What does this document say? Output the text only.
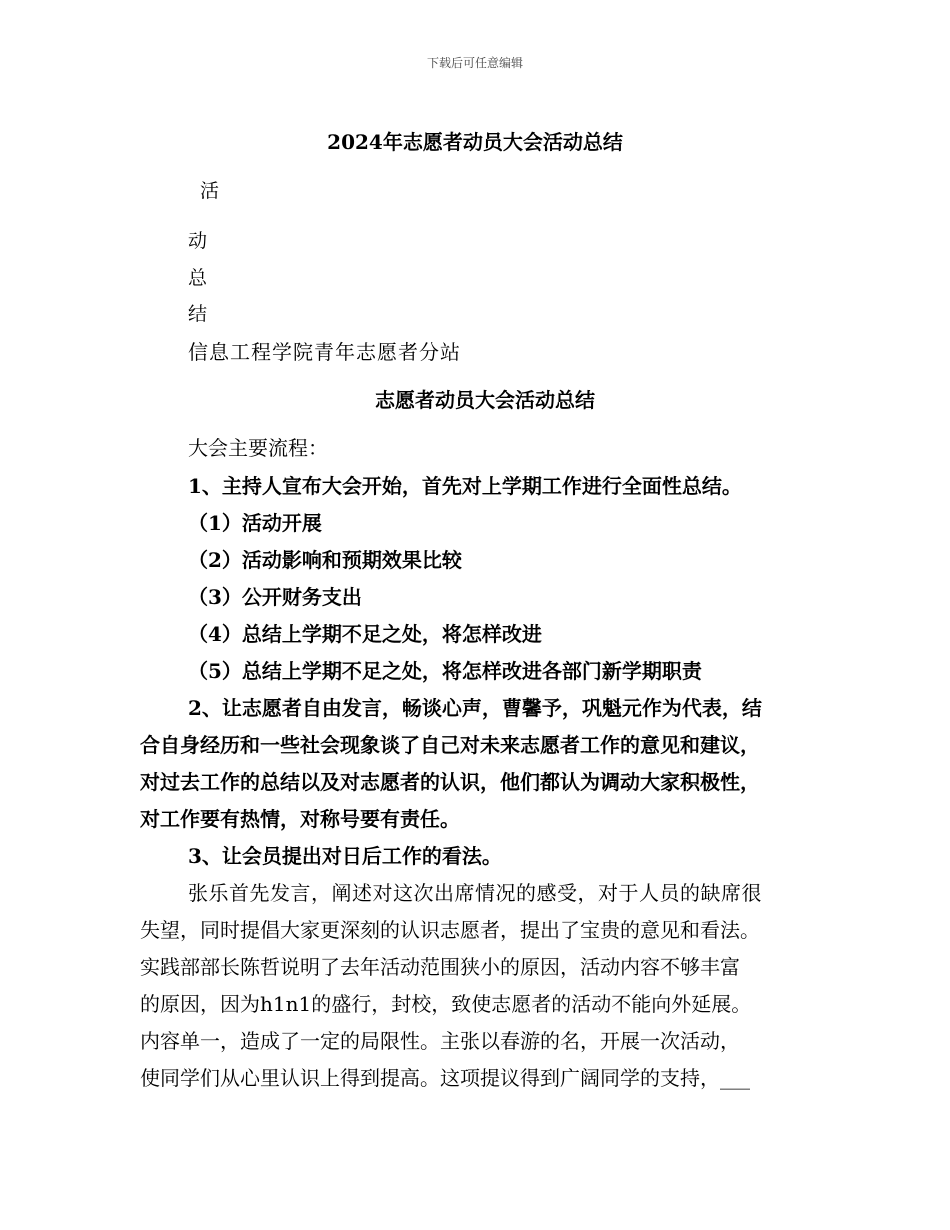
下载后可任意编辑
2024年志愿者动员大会活动总结
活
动
总
结
信息工程学院青年志愿者分站
志愿者动员大会活动总结
大会主要流程：
1、主持人宣布大会开始，首先对上学期工作进行全面性总结。
（1）活动开展
（2）活动影响和预期效果比较
（3）公开财务支出
（4）总结上学期不足之处，将怎样改进
（5）总结上学期不足之处，将怎样改进各部门新学期职责
2、让志愿者自由发言，畅谈心声，曹馨予，巩魁元作为代表，结
合自身经历和一些社会现象谈了自己对未来志愿者工作的意见和建议，
对过去工作的总结以及对志愿者的认识，他们都认为调动大家积极性，
对工作要有热情，对称号要有责任。
3、让会员提出对日后工作的看法。
张乐首先发言，阐述对这次出席情况的感受，对于人员的缺席很
失望，同时提倡大家更深刻的认识志愿者，提出了宝贵的意见和看法。
实践部部长陈哲说明了去年活动范围狭小的原因，活动内容不够丰富
的原因，因为h1n1的盛行，封校，致使志愿者的活动不能向外延展。
内容单一，造成了一定的局限性。主张以春游的名，开展一次活动，
使同学们从心里认识上得到提高。这项提议得到广阔同学的支持，___
